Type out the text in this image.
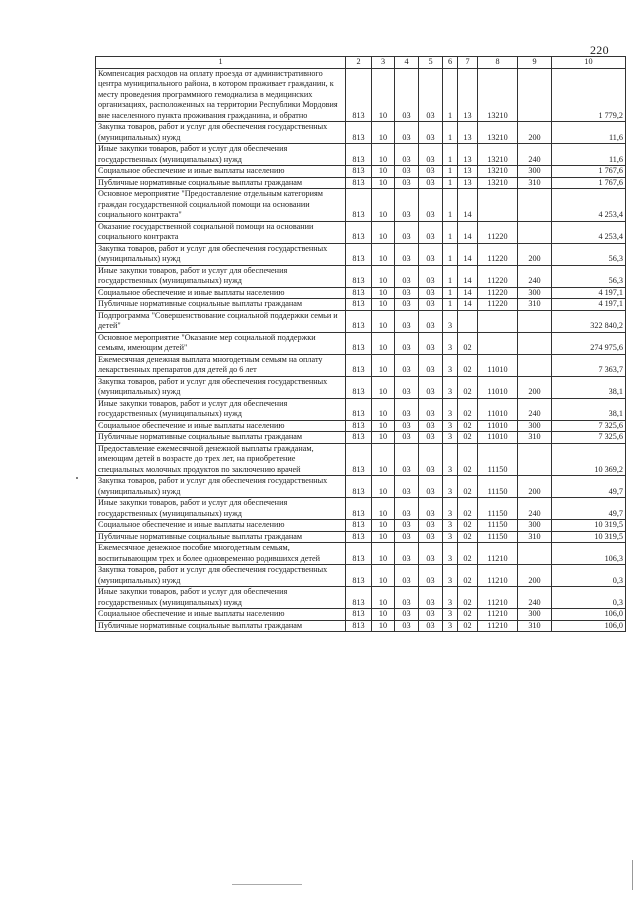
220
1	2	3	4	5	6	7	8	9	10
Компенсация расходов на оплату проезда от административного центра муниципального района, в котором проживает гражданин, к месту проведения программного гемодиализа в медицинских организациях, расположенных на территории Республики Мордовия вне населенного пункта проживания гражданина, и обратно	813	10	03	03	1	13	13210		1 779,2
Закупка товаров, работ и услуг для обеспечения государственных (муниципальных) нужд	813	10	03	03	1	13	13210	200	11,6
Иные закупки товаров, работ и услуг для обеспечения государственных (муниципальных) нужд	813	10	03	03	1	13	13210	240	11,6
Социальное обеспечение и иные выплаты населению	813	10	03	03	1	13	13210	300	1 767,6
Публичные нормативные социальные выплаты гражданам	813	10	03	03	1	13	13210	310	1 767,6
Основное мероприятие "Предоставление отдельным категориям граждан государственной социальной помощи на основании социального контракта"	813	10	03	03	1	14			4 253,4
Оказание государственной социальной помощи на основании социального контракта	813	10	03	03	1	14	11220		4 253,4
Закупка товаров, работ и услуг для обеспечения государственных (муниципальных) нужд	813	10	03	03	1	14	11220	200	56,3
Иные закупки товаров, работ и услуг для обеспечения государственных (муниципальных) нужд	813	10	03	03	1	14	11220	240	56,3
Социальное обеспечение и иные выплаты населению	813	10	03	03	1	14	11220	300	4 197,1
Публичные нормативные социальные выплаты гражданам	813	10	03	03	1	14	11220	310	4 197,1
Подпрограмма "Совершенствование социальной поддержки семьи и детей"	813	10	03	03	3				322 840,2
Основное мероприятие "Оказание мер социальной поддержки семьям, имеющим детей"	813	10	03	03	3	02			274 975,6
Ежемесячная денежная выплата многодетным семьям на оплату лекарственных препаратов для детей до 6 лет	813	10	03	03	3	02	11010		7 363,7
Закупка товаров, работ и услуг для обеспечения государственных (муниципальных) нужд	813	10	03	03	3	02	11010	200	38,1
Иные закупки товаров, работ и услуг для обеспечения государственных (муниципальных) нужд	813	10	03	03	3	02	11010	240	38,1
Социальное обеспечение и иные выплаты населению	813	10	03	03	3	02	11010	300	7 325,6
Публичные нормативные социальные выплаты гражданам	813	10	03	03	3	02	11010	310	7 325,6
Предоставление ежемесячной денежной выплаты гражданам, имеющим детей в возрасте до трех лет, на приобретение специальных молочных продуктов по заключению врачей	813	10	03	03	3	02	11150		10 369,2
Закупка товаров, работ и услуг для обеспечения государственных (муниципальных) нужд	813	10	03	03	3	02	11150	200	49,7
Иные закупки товаров, работ и услуг для обеспечения государственных (муниципальных) нужд	813	10	03	03	3	02	11150	240	49,7
Социальное обеспечение и иные выплаты населению	813	10	03	03	3	02	11150	300	10 319,5
Публичные нормативные социальные выплаты гражданам	813	10	03	03	3	02	11150	310	10 319,5
Ежемесячное денежное пособие многодетным семьям, воспитывающим трех и более одновременно родившихся детей	813	10	03	03	3	02	11210		106,3
Закупка товаров, работ и услуг для обеспечения государственных (муниципальных) нужд	813	10	03	03	3	02	11210	200	0,3
Иные закупки товаров, работ и услуг для обеспечения государственных (муниципальных) нужд	813	10	03	03	3	02	11210	240	0,3
Социальное обеспечение и иные выплаты населению	813	10	03	03	3	02	11210	300	106,0
Публичные нормативные социальные выплаты гражданам	813	10	03	03	3	02	11210	310	106,0
